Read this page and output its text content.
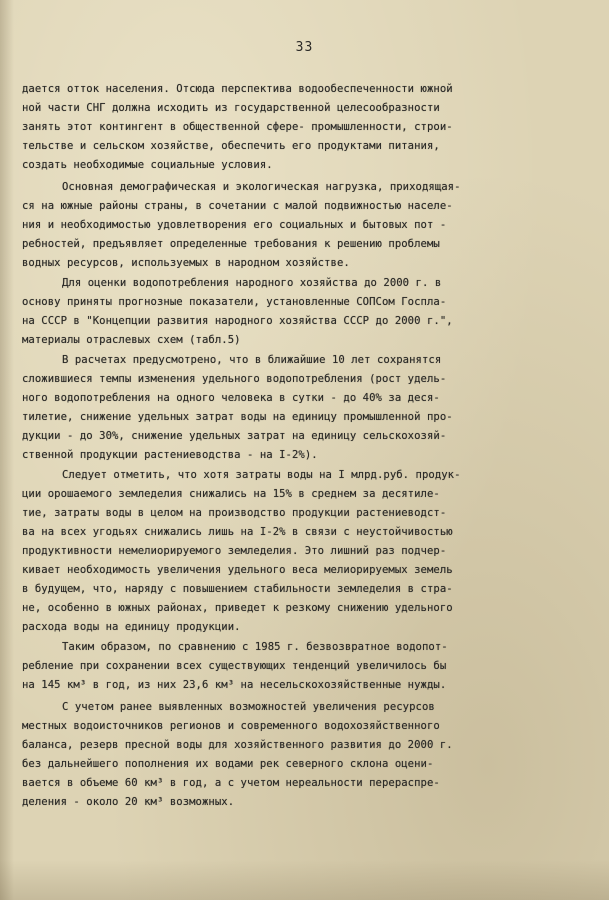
33
дается отток населения. Отсюда перспектива водообеспеченности южной
ной части СНГ должна исходить из государственной целесообразности
занять этот контингент в общественной сфере- промышленности, строи-
тельстве и сельском хозяйстве, обеспечить его продуктами питания,
создать необходимые социальные условия.
Основная демографическая и экологическая нагрузка, приходящая-
ся на южные районы страны, в сочетании с малой подвижностью населе-
ния и необходимостью удовлетворения его социальных и бытовых пот -
ребностей, предъявляет определенные требования к решению проблемы
водных ресурсов, используемых в народном хозяйстве.
Для оценки водопотребления народного хозяйства до 2000 г. в
основу приняты прогнозные показатели, установленные СОПСом Госпла-
на СССР в "Концепции развития народного хозяйства СССР до 2000 г.",
материалы отраслевых схем (табл.5)
В расчетах предусмотрено, что в ближайшие 10 лет сохранятся
сложившиеся темпы изменения удельного водопотребления (рост удель-
ного водопотребления на одного человека в сутки - до 40% за деся-
тилетие, снижение удельных затрат воды на единицу промышленной про-
дукции - до 30%, снижение удельных затрат на единицу сельскохозяй-
ственной продукции растениеводства - на I-2%).
Следует отметить, что хотя затраты воды на I млрд.руб. продук-
ции орошаемого земледелия снижались на 15% в среднем за десятиле-
тие, затраты воды в целом на производство продукции растениеводст-
ва на всех угодьях снижались лишь на I-2% в связи с неустойчивостью
продуктивности немелиорируемого земледелия. Это лишний раз подчер-
кивает необходимость увеличения удельного веса мелиорируемых земель
в будущем, что, наряду с повышением стабильности земледелия в стра-
не, особенно в южных районах, приведет к резкому снижению удельного
расхода воды на единицу продукции.
Таким образом, по сравнению с 1985 г. безвозвратное водопот-
ребление при сохранении всех существующих тенденций увеличилось бы
на 145 км³ в год, из них 23,6 км³ на несельскохозяйственные нужды.
С учетом ранее выявленных возможностей увеличения ресурсов
местных водоисточников регионов и современного водохозяйственного
баланса, резерв пресной воды для хозяйственного развития до 2000 г.
без дальнейшего пополнения их водами рек северного склона оцени-
вается в объеме 60 км³ в год, а с учетом нереальности перераспре-
деления - около 20 км³ возможных.
